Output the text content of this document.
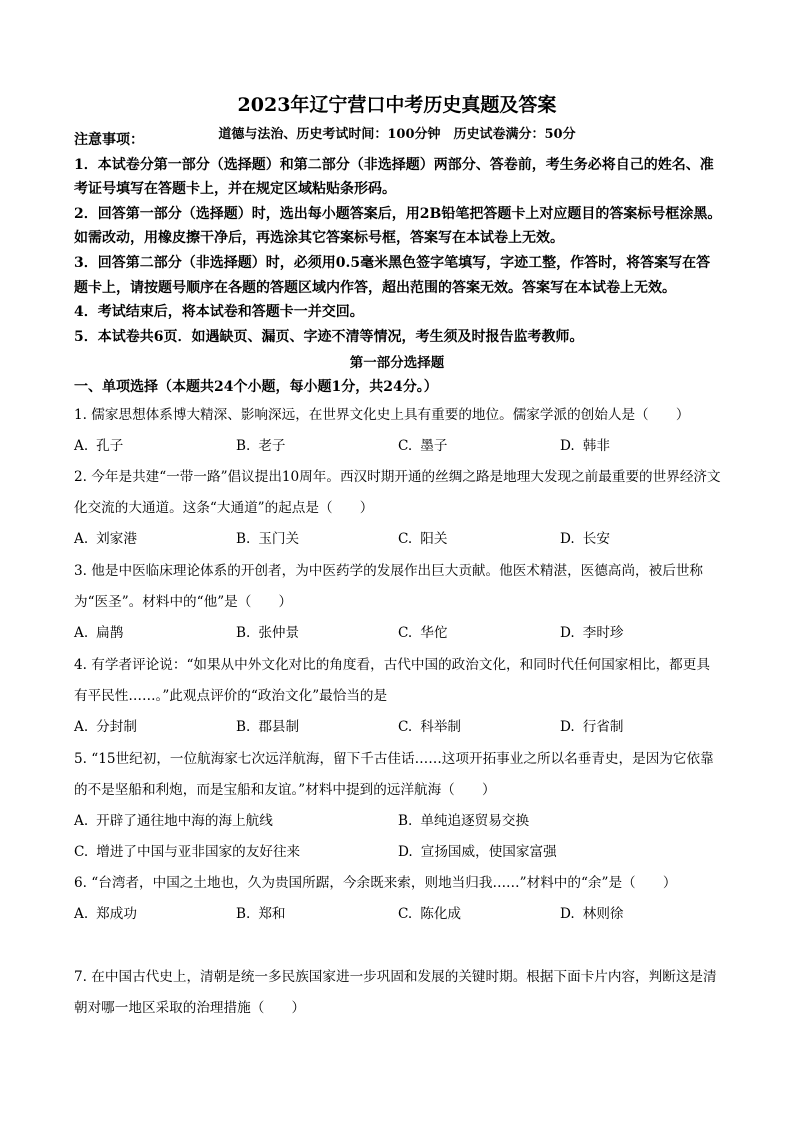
2023年辽宁营口中考历史真题及答案
道德与法治、历史考试时间：100分钟　历史试卷满分：50分

注意事项：

1．本试卷分第一部分（选择题）和第二部分（非选择题）两部分、答卷前，考生务必将自己的姓名、准考证号填写在答题卡上，并在规定区域粘贴条形码。

2．回答第一部分（选择题）时，选出每小题答案后，用2B铅笔把答题卡上对应题目的答案标号框涂黑。如需改动，用橡皮擦干净后，再选涂其它答案标号框，答案写在本试卷上无效。

3．回答第二部分（非选择题）时，必须用0.5毫米黑色签字笔填写，字迹工整，作答时，将答案写在答题卡上，请按题号顺序在各题的答题区域内作答，超出范围的答案无效。答案写在本试卷上无效。

4．考试结束后，将本试卷和答题卡一并交回。

5．本试卷共6页．如遇缺页、漏页、字迹不清等情况，考生须及时报告监考教师。

第一部分选择题
一、单项选择（本题共24个小题，每小题1分，共24分。）

1. 儒家思想体系博大精深、影响深远，在世界文化史上具有重要的地位。儒家学派的创始人是（　　）

A. 孔子	B. 老子	C. 墨子	D. 韩非

2. 今年是共建“一带一路”倡议提出10周年。西汉时期开通的丝绸之路是地理大发现之前最重要的世界经济文化交流的大通道。这条“大通道”的起点是（　　）

A. 刘家港	B. 玉门关	C. 阳关	D. 长安

3. 他是中医临床理论体系的开创者，为中医药学的发展作出巨大贡献。他医术精湛，医德高尚，被后世称为“医圣”。材料中的“他”是（　　）

A. 扁鹊	B. 张仲景	C. 华佗	D. 李时珍

4. 有学者评论说：“如果从中外文化对比的角度看，古代中国的政治文化，和同时代任何国家相比，都更具有平民性……。”此观点评价的“政治文化”最恰当的是

A. 分封制	B. 郡县制	C. 科举制	D. 行省制

5. “15世纪初，一位航海家七次远洋航海，留下千古佳话……这项开拓事业之所以名垂青史，是因为它依靠的不是坚船和利炮，而是宝船和友谊。”材料中提到的远洋航海（　　）

A. 开辟了通往地中海的海上航线	B. 单纯追逐贸易交换
C. 增进了中国与亚非国家的友好往来	D. 宣扬国威，使国家富强

6. “台湾者，中国之土地也，久为贵国所踞，今余既来索，则地当归我……”材料中的“余”是（　　）

A. 郑成功	B. 郑和	C. 陈化成	D. 林则徐

7. 在中国古代史上，清朝是统一多民族国家进一步巩固和发展的关键时期。根据下面卡片内容，判断这是清朝对哪一地区采取的治理措施（　　）
